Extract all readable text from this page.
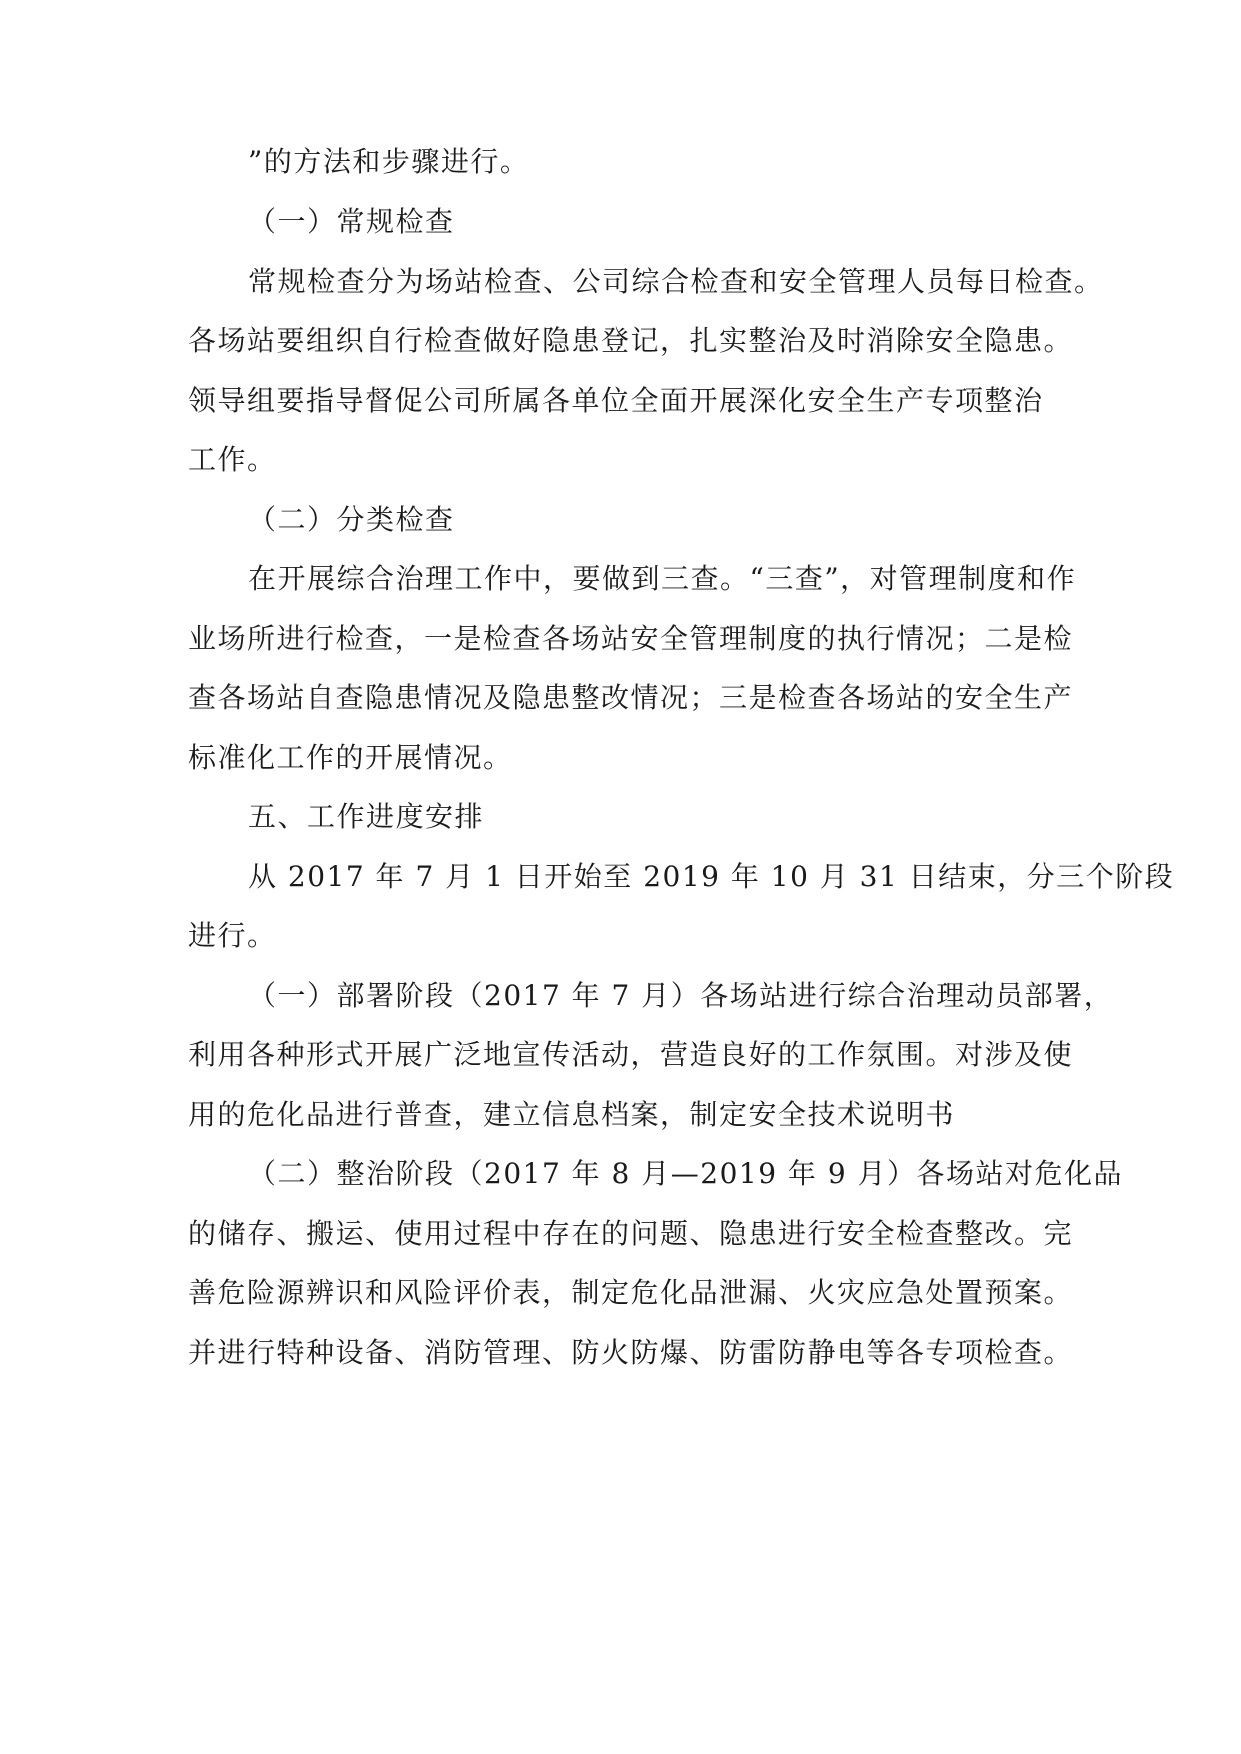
”的方法和步骤进行。
（一）常规检查
常规检查分为场站检查、公司综合检查和安全管理人员每日检查。
各场站要组织自行检查做好隐患登记，扎实整治及时消除安全隐患。
领导组要指导督促公司所属各单位全面开展深化安全生产专项整治
工作。
（二）分类检查
在开展综合治理工作中，要做到三查。“三查”，对管理制度和作
业场所进行检查，一是检查各场站安全管理制度的执行情况；二是检
查各场站自查隐患情况及隐患整改情况；三是检查各场站的安全生产
标准化工作的开展情况。
五、工作进度安排
从 2017 年 7 月 1 日开始至 2019 年 10 月 31 日结束，分三个阶段
进行。
（一）部署阶段（2017 年 7 月）各场站进行综合治理动员部署，
利用各种形式开展广泛地宣传活动，营造良好的工作氛围。对涉及使
用的危化品进行普查，建立信息档案，制定安全技术说明书
（二）整治阶段（2017 年 8 月—2019 年 9 月）各场站对危化品
的储存、搬运、使用过程中存在的问题、隐患进行安全检查整改。完
善危险源辨识和风险评价表，制定危化品泄漏、火灾应急处置预案。
并进行特种设备、消防管理、防火防爆、防雷防静电等各专项检查。
